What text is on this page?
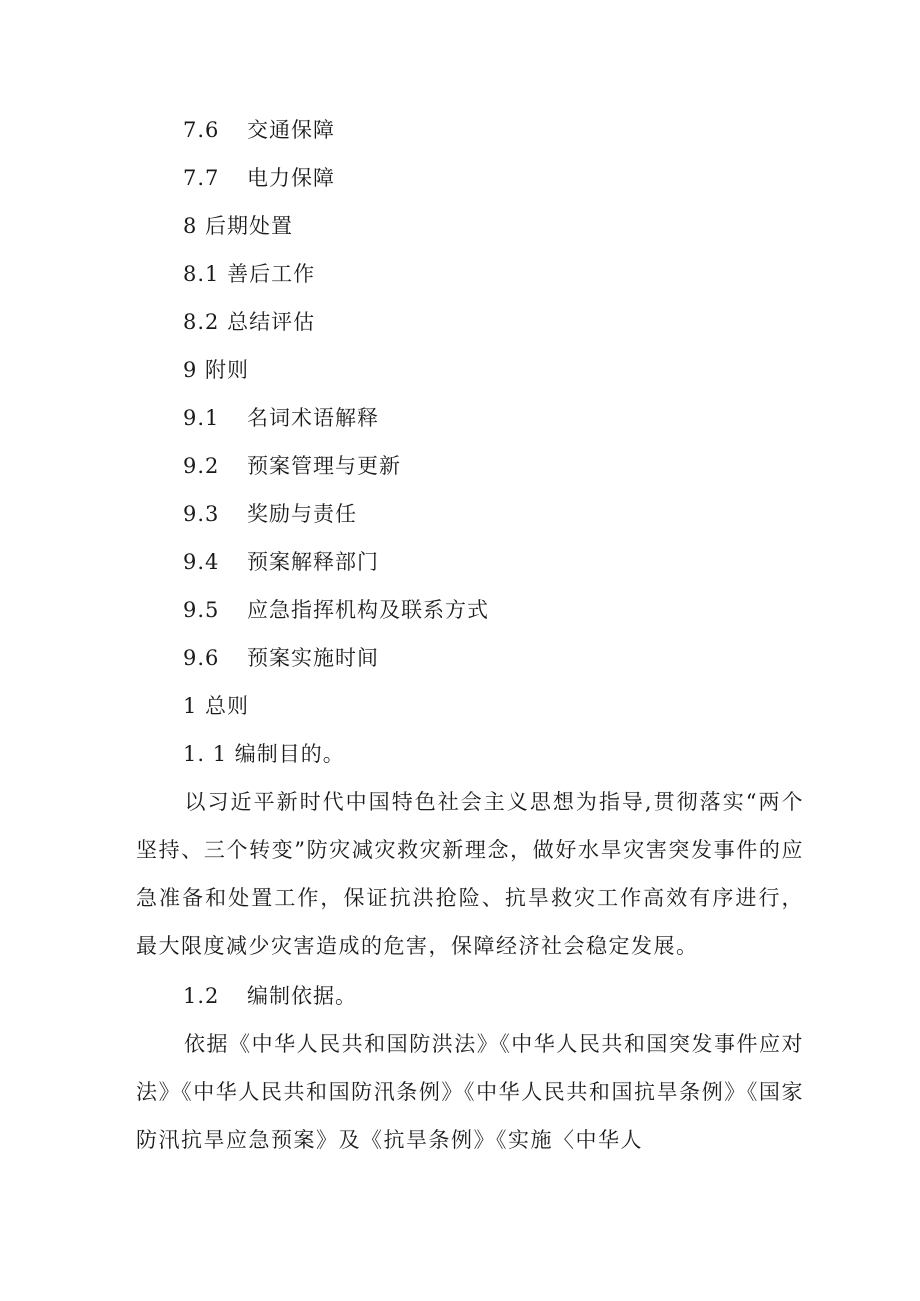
7.6 交通保障
7.7 电力保障
8 后期处置
8.1 善后工作
8.2 总结评估
9 附则
9.1 名词术语解释
9.2 预案管理与更新
9.3 奖励与责任
9.4 预案解释部门
9.5 应急指挥机构及联系方式
9.6 预案实施时间
1 总则
1. 1 编制目的。
以习近平新时代中国特色社会主义思想为指导,贯彻落实“两个坚持、三个转变”防灾减灾救灾新理念，做好水旱灾害突发事件的应急准备和处置工作，保证抗洪抢险、抗旱救灾工作高效有序进行，最大限度减少灾害造成的危害，保障经济社会稳定发展。
1.2 编制依据。
依据《中华人民共和国防洪法》《中华人民共和国突发事件应对法》《中华人民共和国防汛条例》《中华人民共和国抗旱条例》《国家防汛抗旱应急预案》及《抗旱条例》《实施〈中华人
